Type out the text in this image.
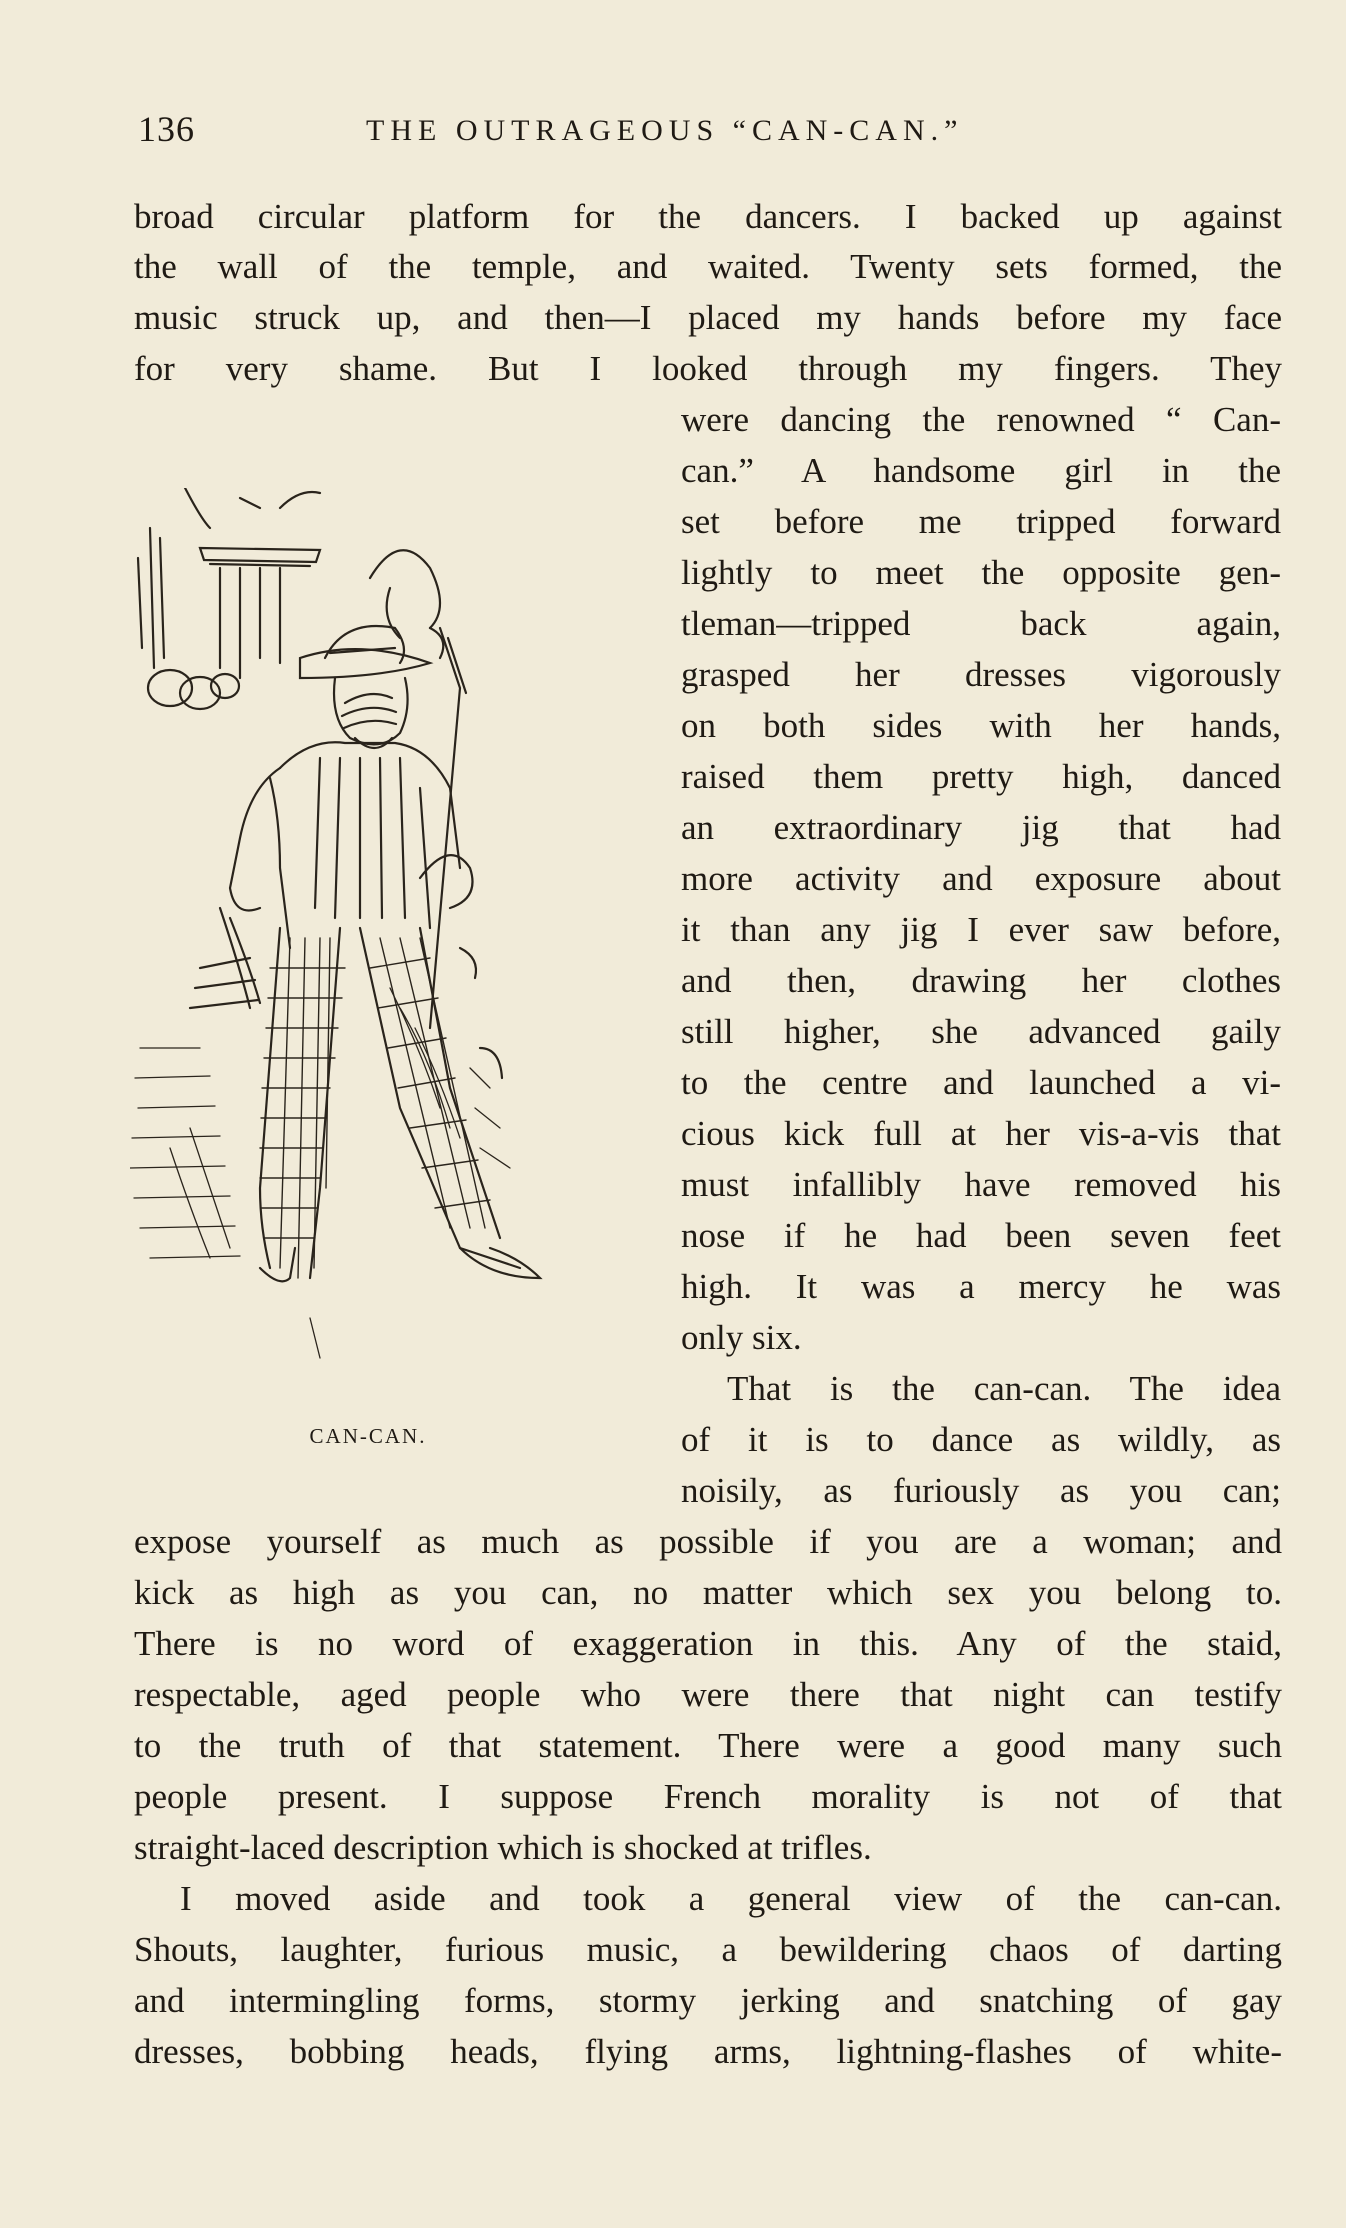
136	THE OUTRAGEOUS “CAN-CAN.”
broad circular platform for the dancers. I backed up against
the wall of the temple, and waited. Twenty sets formed, the
music struck up, and then—I placed my hands before my face
for very shame. But I looked through my fingers. They
were dancing the renowned “ Can-
can.” A handsome girl in the
set before me tripped forward
lightly to meet the opposite gen-
tleman—tripped back again,
grasped her dresses vigorously
on both sides with her hands,
raised them pretty high, danced
an extraordinary jig that had
more activity and exposure about
it than any jig I ever saw before,
and then, drawing her clothes
still higher, she advanced gaily
to the centre and launched a vi-
cious kick full at her vis-a-vis that
must infallibly have removed his
nose if he had been seven feet
high. It was a mercy he was
only six.
That is the can-can. The idea
of it is to dance as wildly, as
noisily, as furiously as you can;
expose yourself as much as possible if you are a woman; and
kick as high as you can, no matter which sex you belong to.
There is no word of exaggeration in this. Any of the staid,
respectable, aged people who were there that night can testify
to the truth of that statement. There were a good many such
people present. I suppose French morality is not of that
straight-laced description which is shocked at trifles.
I moved aside and took a general view of the can-can.
Shouts, laughter, furious music, a bewildering chaos of darting
and intermingling forms, stormy jerking and snatching of gay
dresses, bobbing heads, flying arms, lightning-flashes of white-
CAN-CAN.
